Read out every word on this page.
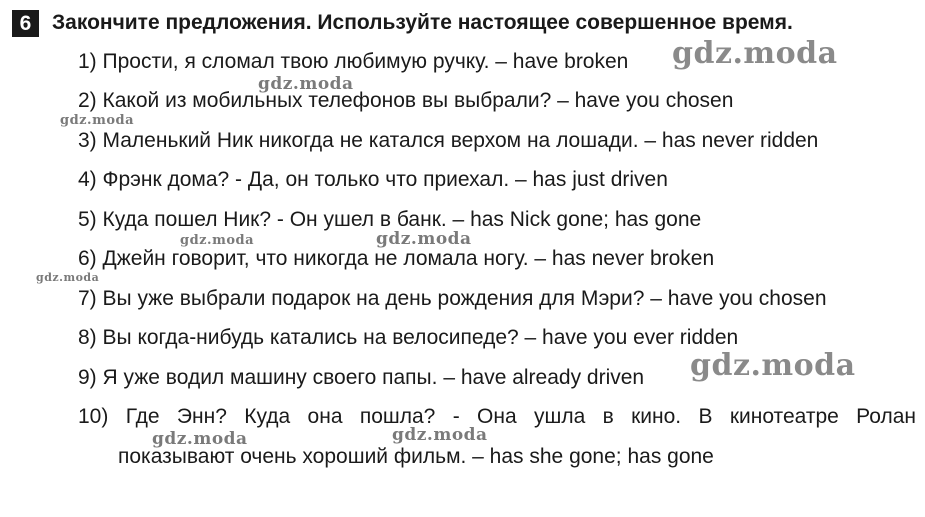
6 Закончите предложения. Используйте настоящее совершенное время.
1) Прости, я сломал твою любимую ручку. – have broken
2) Какой из мобильных телефонов вы выбрали? – have you chosen
3) Маленький Ник никогда не катался верхом на лошади. – has never ridden
4) Фрэнк дома? - Да, он только что приехал. – has just driven
5) Куда пошел Ник? - Он ушел в банк. – has Nick gone; has gone
6) Джейн говорит, что никогда не ломала ногу. – has never broken
7) Вы уже выбрали подарок на день рождения для Мэри? – have you chosen
8) Вы когда-нибудь катались на велосипеде? – have you ever ridden
9) Я уже водил машину своего папы. – have already driven
10) Где Энн? Куда она пошла? - Она ушла в кино. В кинотеатре Ролан
показывают очень хороший фильм. – has she gone; has gone
gdz.moda
gdz.moda
gdz.moda
gdz.moda	gdz.moda
gdz.moda
gdz.moda
gdz.moda	gdz.moda
